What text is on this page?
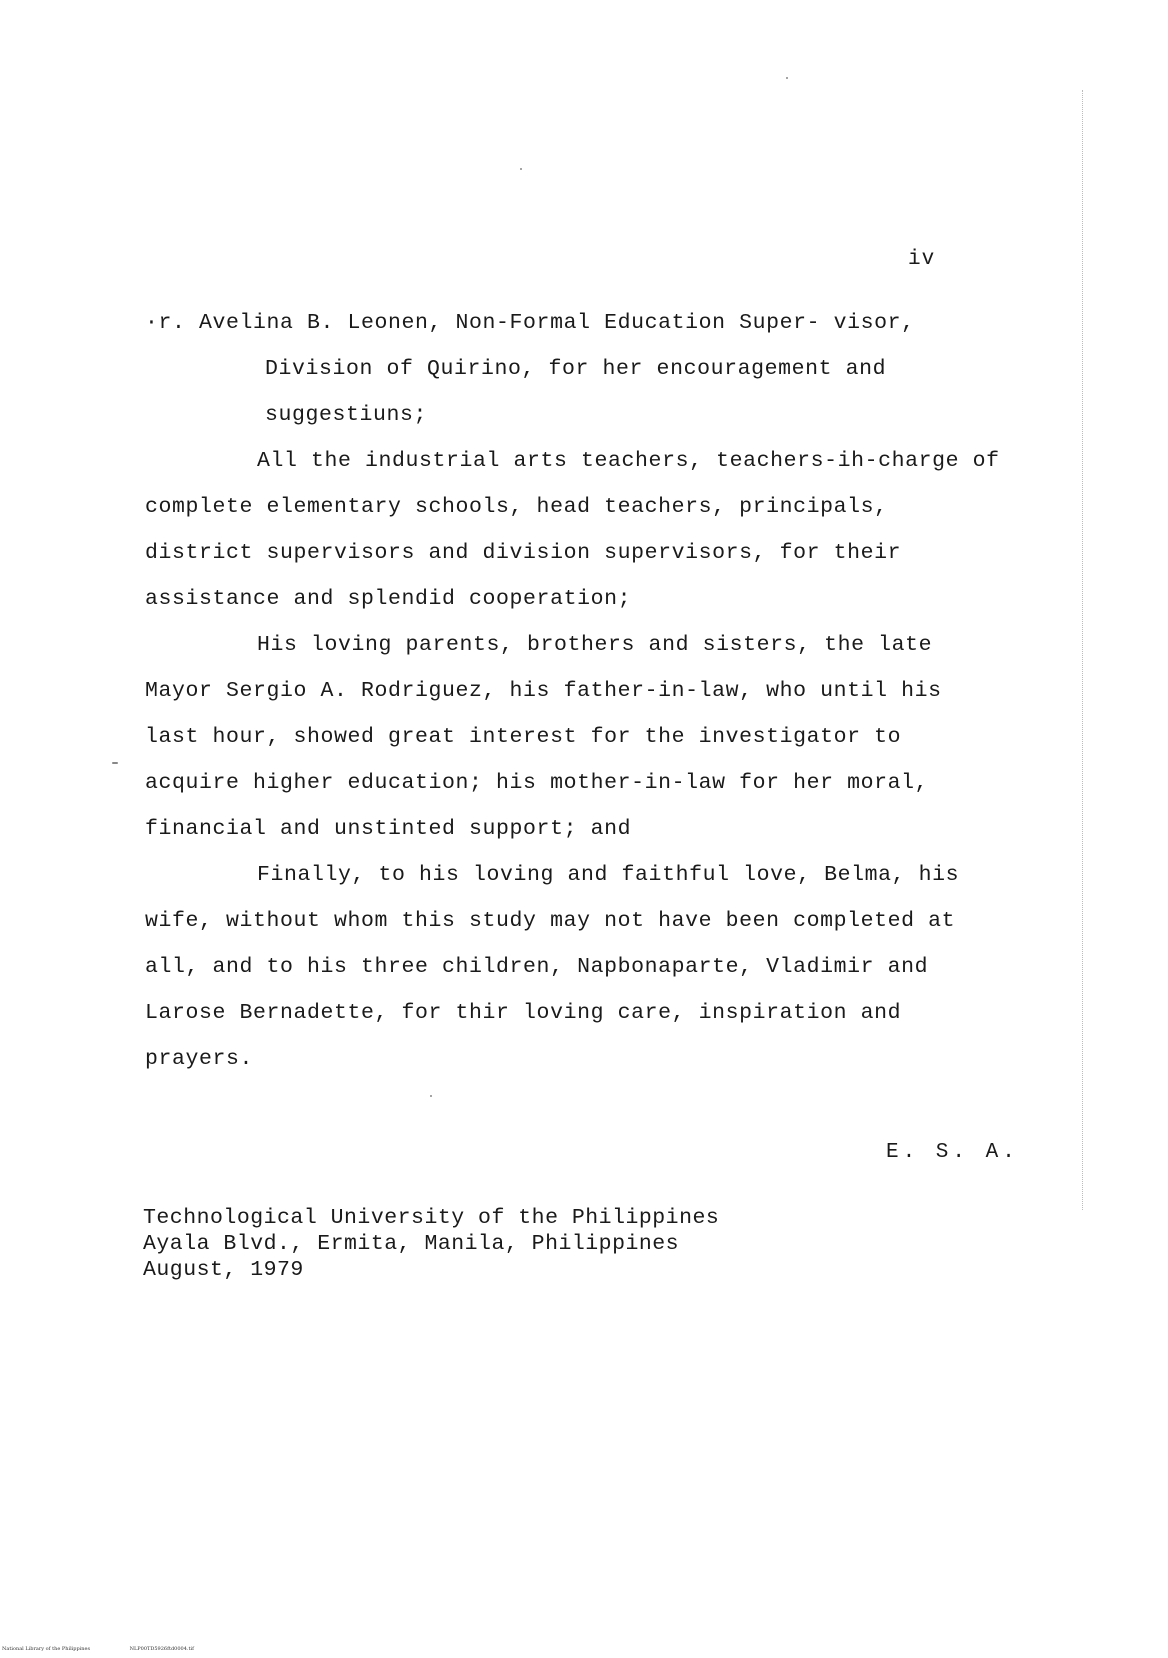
iv

·r. Avelina B. Leonen, Non-Formal Education Super- visor, Division of Quirino, for her encouragement and suggestiuns;

All the industrial arts teachers, teachers-ih-charge of complete elementary schools, head teachers, principals, district supervisors and division supervisors, for their assistance and splendid cooperation;

His loving parents, brothers and sisters, the late Mayor Sergio A. Rodriguez, his father-in-law, who until his last hour, showed great interest for the investigator to acquire higher education; his mother-in-law for her moral, financial and unstinted support; and

Finally, to his loving and faithful love, Belma, his wife, without whom this study may not have been completed at all, and to his three children, Napbonaparte, Vladimir and Larose Bernadette, for thir loving care, inspiration and prayers.

E. S. A.
Technological University of the Philippines
Ayala Blvd., Ermita, Manila, Philippines
August, 1979
National Library of the Philippines	NLP00TD5926ftd0004.tif
